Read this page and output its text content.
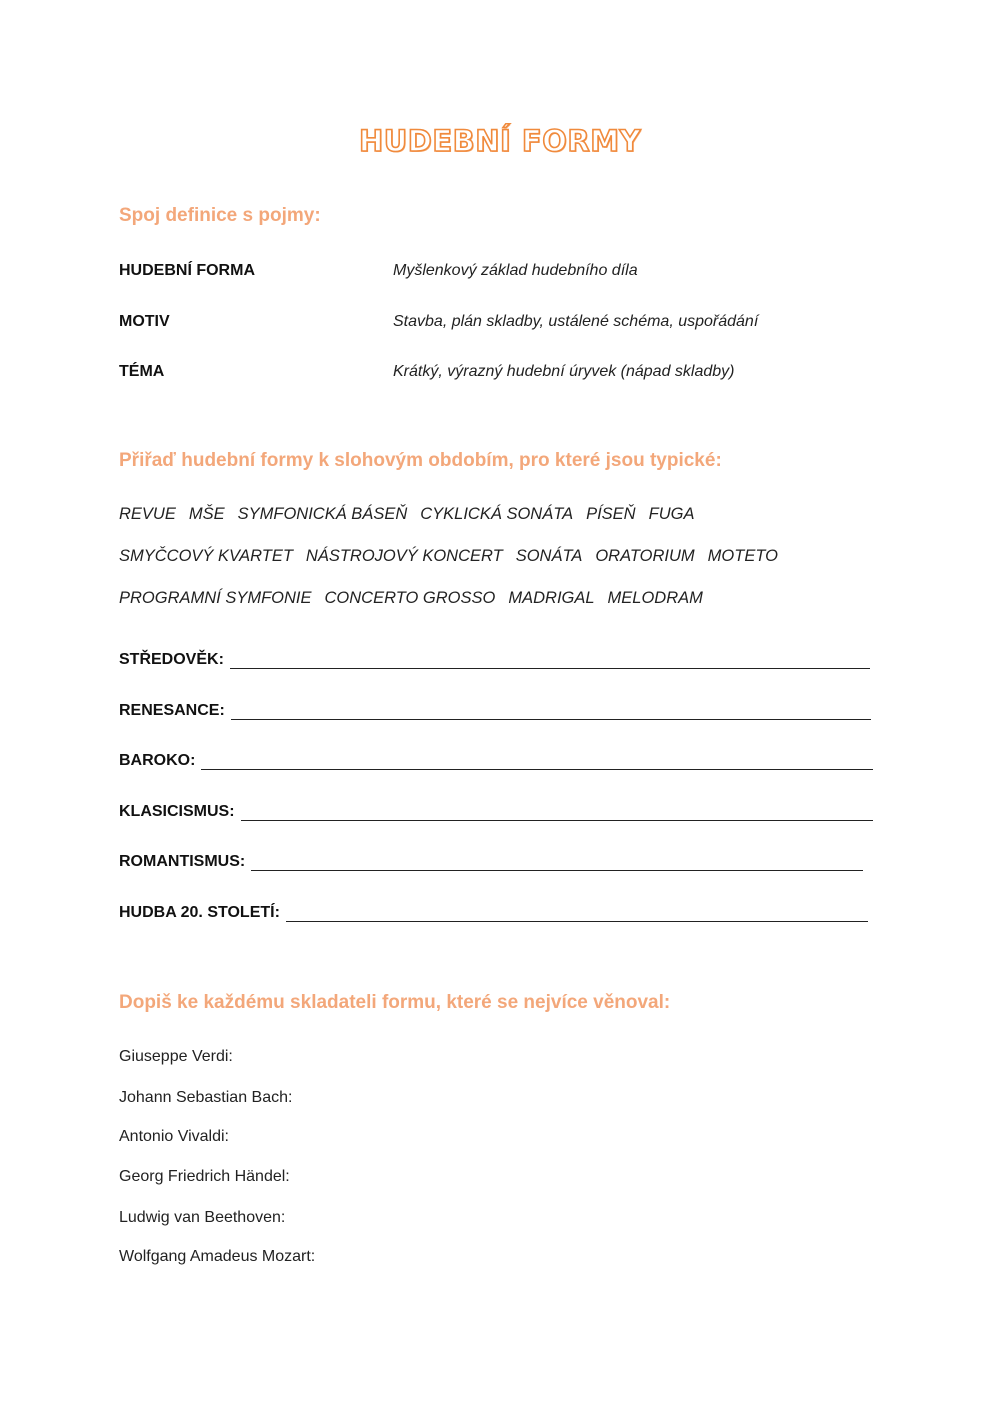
HUDEBNÍ FORMY
Spoj definice s pojmy:
HUDEBNÍ FORMA
MOTIV
TÉMA
Myšlenkový základ hudebního díla
Stavba, plán skladby, ustálené schéma, uspořádání
Krátký, výrazný hudební úryvek (nápad skladby)
Přiřaď hudební formy k slohovým obdobím, pro které jsou typické:
REVUE MŠE SYMFONICKÁ BÁSEŇ CYKLICKÁ SONÁTA PÍSEŇ FUGA
SMYČCOVÝ KVARTET NÁSTROJOVÝ KONCERT SONÁTA ORATORIUM MOTETO
PROGRAMNÍ SYMFONIE CONCERTO GROSSO MADRIGAL MELODRAM
STŘEDOVĚK:
RENESANCE:
BAROKO:
KLASICISMUS:
ROMANTISMUS:
HUDBA 20. STOLETÍ:
Dopiš ke každému skladateli formu, které se nejvíce věnoval:
Giuseppe Verdi:
Johann Sebastian Bach:
Antonio Vivaldi:
Georg Friedrich Händel:
Ludwig van Beethoven:
Wolfgang Amadeus Mozart:
